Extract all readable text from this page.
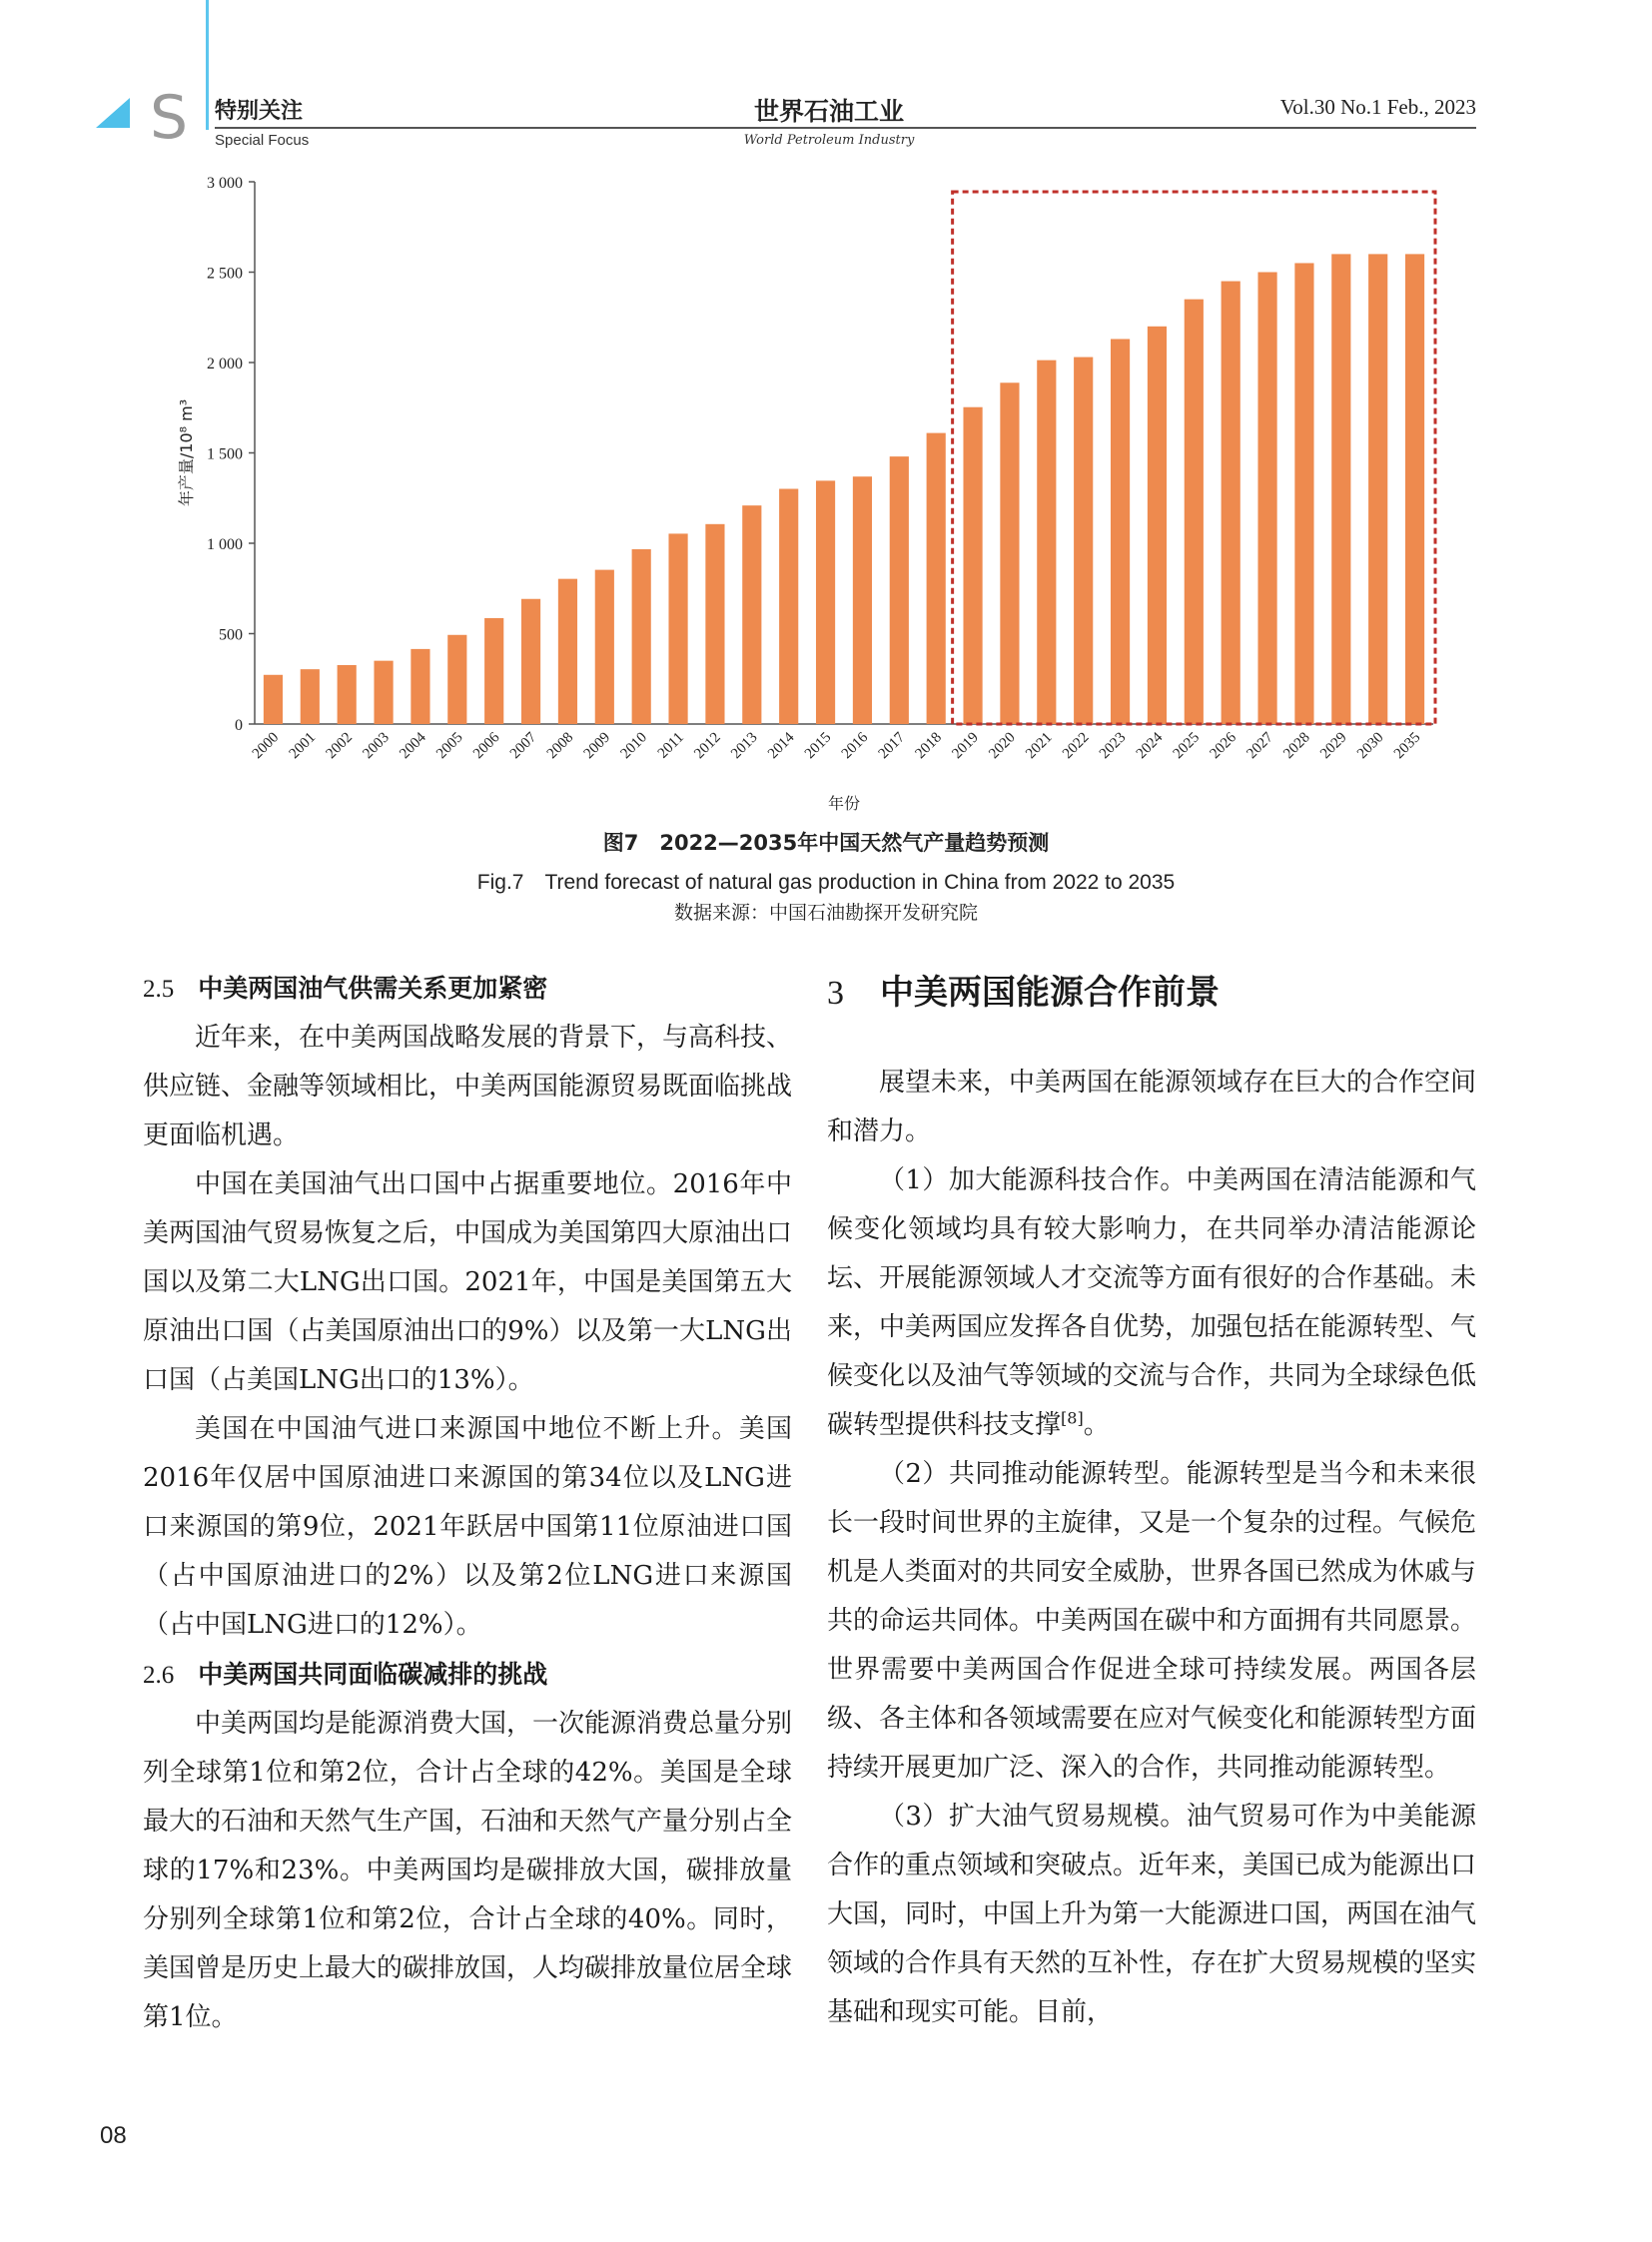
S 特别关注
Special Focus
世界石油工业
World Petroleum Industry
Vol.30 No.1 Feb., 2023
0
500
1 000
1 500
2 000
2 500
3 000
2000 2001 2002 2003 2004 2005 2006 2007 2008 2009 2010 2011 2012 2013 2014 2015 2016 2017 2018 2019 2020 2021 2022 2023 2024 2025 2026 2027 2028 2029 2030 2035
年产量/10⁸ m³
年份
图7　2022—2035年中国天然气产量趋势预测
Fig.7　Trend forecast of natural gas production in China from 2022 to 2035
数据来源：中国石油勘探开发研究院
2.5 中美两国油气供需关系更加紧密

近年来，在中美两国战略发展的背景下，与高科技、供应链、金融等领域相比，中美两国能源贸易既面临挑战更面临机遇。

中国在美国油气出口国中占据重要地位。2016年中美两国油气贸易恢复之后，中国成为美国第四大原油出口国以及第二大LNG出口国。2021年，中国是美国第五大原油出口国（占美国原油出口的9%）以及第一大LNG出口国（占美国LNG出口的13%）。

美国在中国油气进口来源国中地位不断上升。美国2016年仅居中国原油进口来源国的第34位以及LNG进口来源国的第9位，2021年跃居中国第11位原油进口国（占中国原油进口的2%）以及第2位LNG进口来源国（占中国LNG进口的12%）。

2.6 中美两国共同面临碳减排的挑战

中美两国均是能源消费大国，一次能源消费总量分别列全球第1位和第2位，合计占全球的42%。美国是全球最大的石油和天然气生产国，石油和天然气产量分别占全球的17%和23%。中美两国均是碳排放大国，碳排放量分别列全球第1位和第2位，合计占全球的40%。同时，美国曾是历史上最大的碳排放国，人均碳排放量位居全球第1位。

3 中美两国能源合作前景

展望未来，中美两国在能源领域存在巨大的合作空间和潜力。

（1）加大能源科技合作。中美两国在清洁能源和气候变化领域均具有较大影响力，在共同举办清洁能源论坛、开展能源领域人才交流等方面有很好的合作基础。未来，中美两国应发挥各自优势，加强包括在能源转型、气候变化以及油气等领域的交流与合作，共同为全球绿色低碳转型提供科技支撑[8]。

（2）共同推动能源转型。能源转型是当今和未来很长一段时间世界的主旋律，又是一个复杂的过程。气候危机是人类面对的共同安全威胁，世界各国已然成为休戚与共的命运共同体。中美两国在碳中和方面拥有共同愿景。世界需要中美两国合作促进全球可持续发展。两国各层级、各主体和各领域需要在应对气候变化和能源转型方面持续开展更加广泛、深入的合作，共同推动能源转型。

（3）扩大油气贸易规模。油气贸易可作为中美能源合作的重点领域和突破点。近年来，美国已成为能源出口大国，同时，中国上升为第一大能源进口国，两国在油气领域的合作具有天然的互补性，存在扩大贸易规模的坚实基础和现实可能。目前，

08
